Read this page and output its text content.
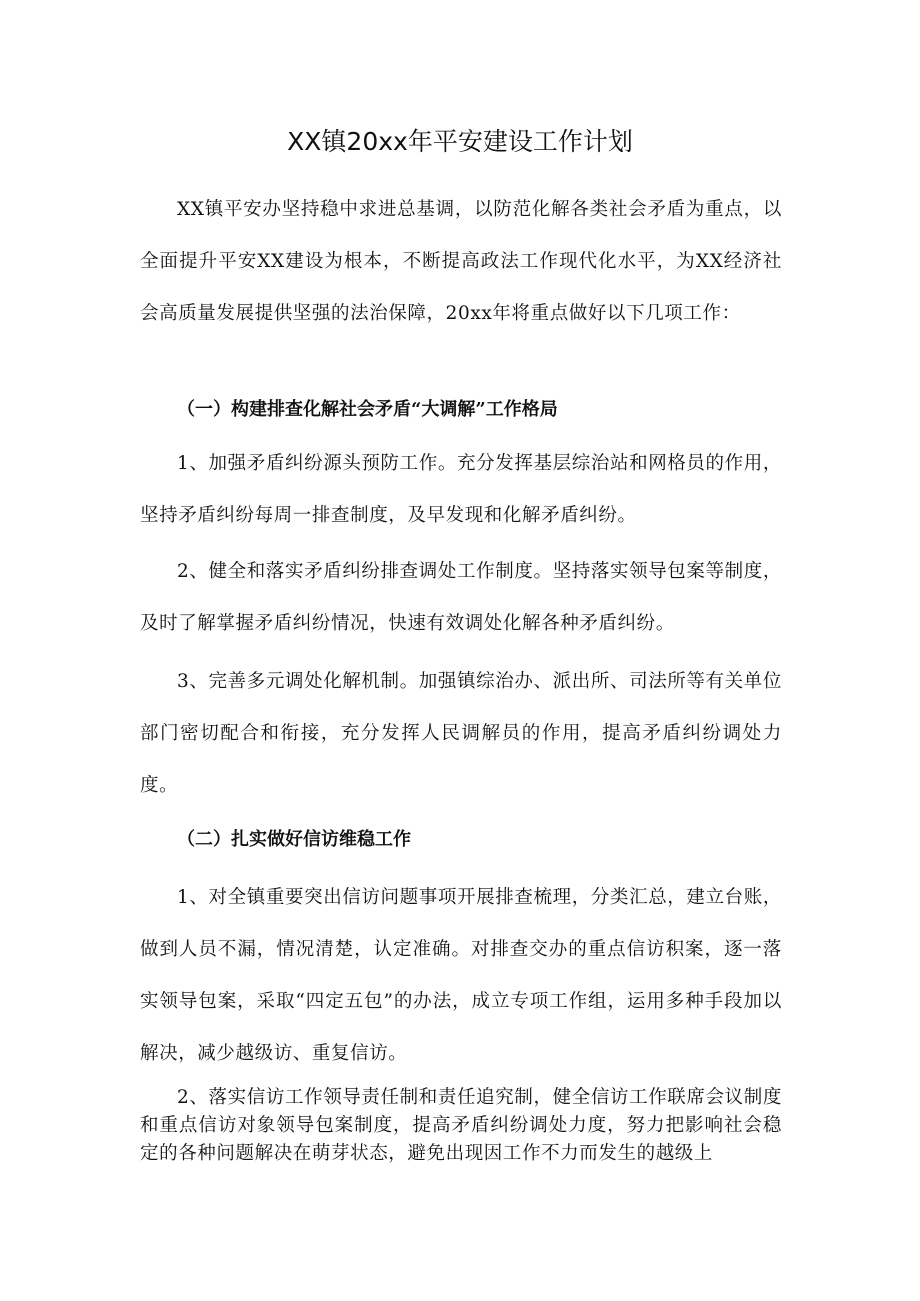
XX镇20xx年平安建设工作计划

XX镇平安办坚持稳中求进总基调，以防范化解各类社会矛盾为重点，以全面提升平安XX建设为根本，不断提高政法工作现代化水平，为XX经济社会高质量发展提供坚强的法治保障，20xx年将重点做好以下几项工作：

（一）构建排查化解社会矛盾“大调解”工作格局

1、加强矛盾纠纷源头预防工作。充分发挥基层综治站和网格员的作用，坚持矛盾纠纷每周一排查制度，及早发现和化解矛盾纠纷。

2、健全和落实矛盾纠纷排查调处工作制度。坚持落实领导包案等制度，及时了解掌握矛盾纠纷情况，快速有效调处化解各种矛盾纠纷。

3、完善多元调处化解机制。加强镇综治办、派出所、司法所等有关单位部门密切配合和衔接，充分发挥人民调解员的作用，提高矛盾纠纷调处力度。

（二）扎实做好信访维稳工作

1、对全镇重要突出信访问题事项开展排查梳理，分类汇总，建立台账，做到人员不漏，情况清楚，认定准确。对排查交办的重点信访积案，逐一落实领导包案，采取“四定五包”的办法，成立专项工作组，运用多种手段加以解决，减少越级访、重复信访。

2、落实信访工作领导责任制和责任追究制，健全信访工作联席会议制度和重点信访对象领导包案制度，提高矛盾纠纷调处力度，努力把影响社会稳定的各种问题解决在萌芽状态，避免出现因工作不力而发生的越级上
